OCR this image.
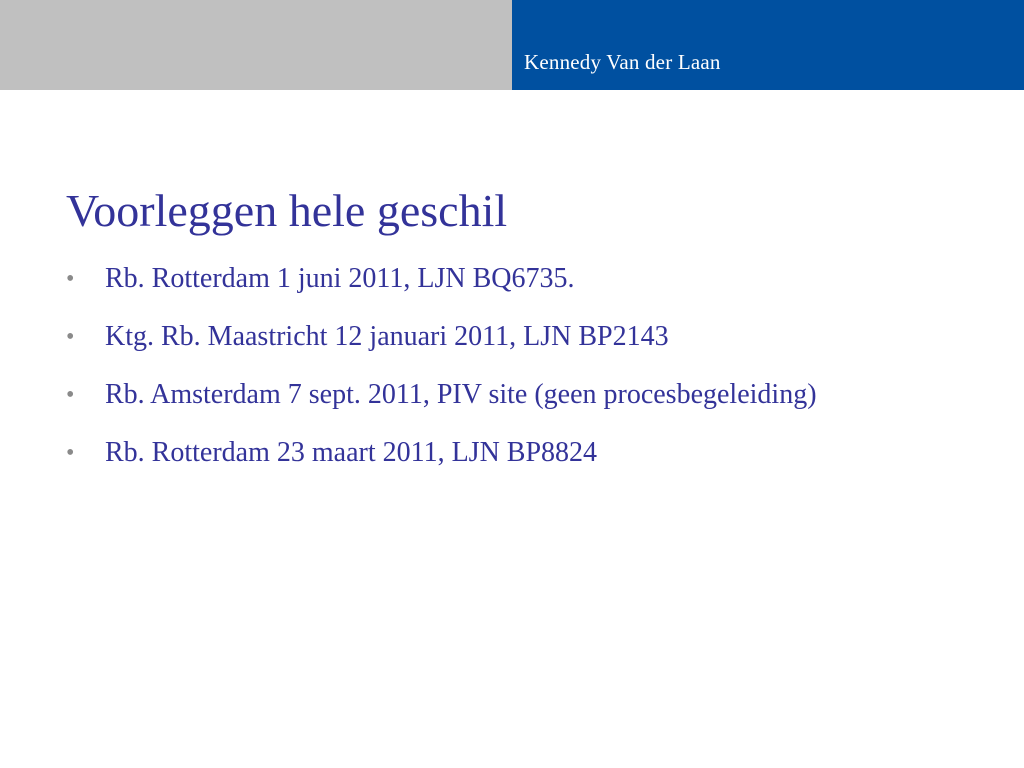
Kennedy Van der Laan
Voorleggen hele geschil
•	Rb. Rotterdam 1 juni 2011, LJN BQ6735.
•	Ktg. Rb. Maastricht 12 januari 2011, LJN BP2143
•	Rb. Amsterdam 7 sept. 2011, PIV site (geen procesbegeleiding)
•	Rb. Rotterdam 23 maart 2011, LJN BP8824
